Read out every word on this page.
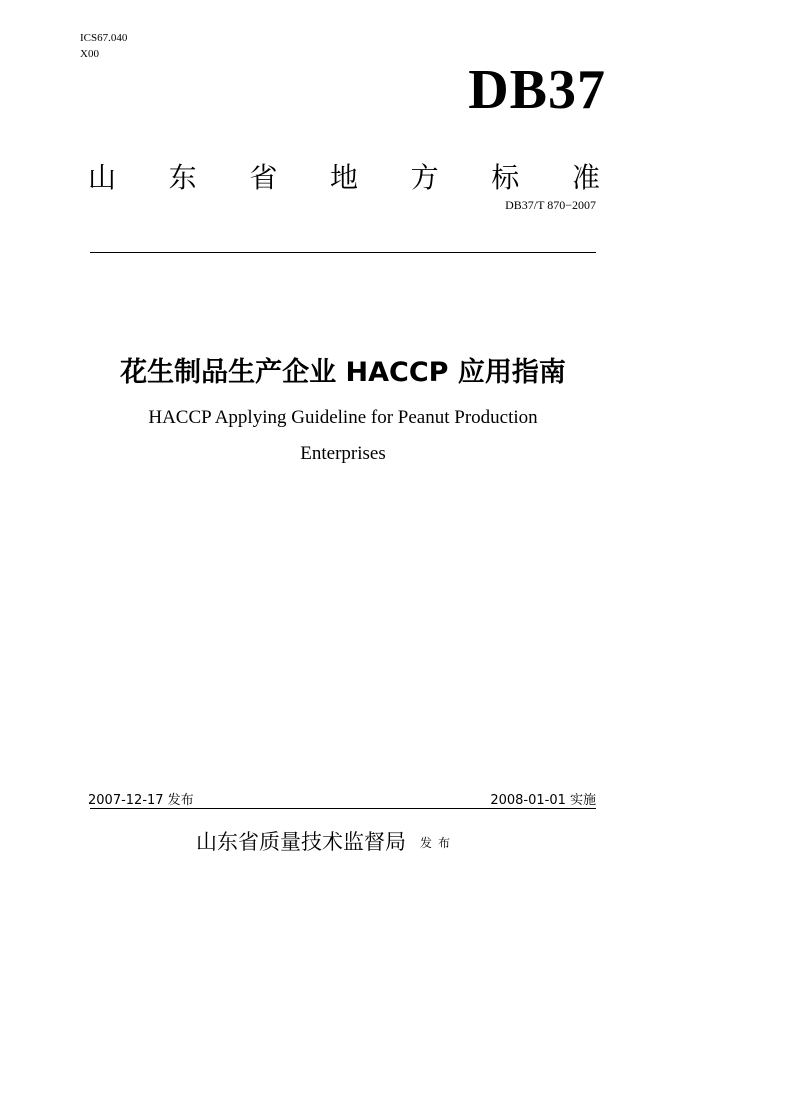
ICS67.040
X00
DB37
山 东 省 地 方 标 准
DB37/T 870−2007
花生制品生产企业 HACCP 应用指南
HACCP Applying Guideline for Peanut Production
Enterprises
2007-12-17 发布	2008-01-01 实施
山东省质量技术监督局 发布
